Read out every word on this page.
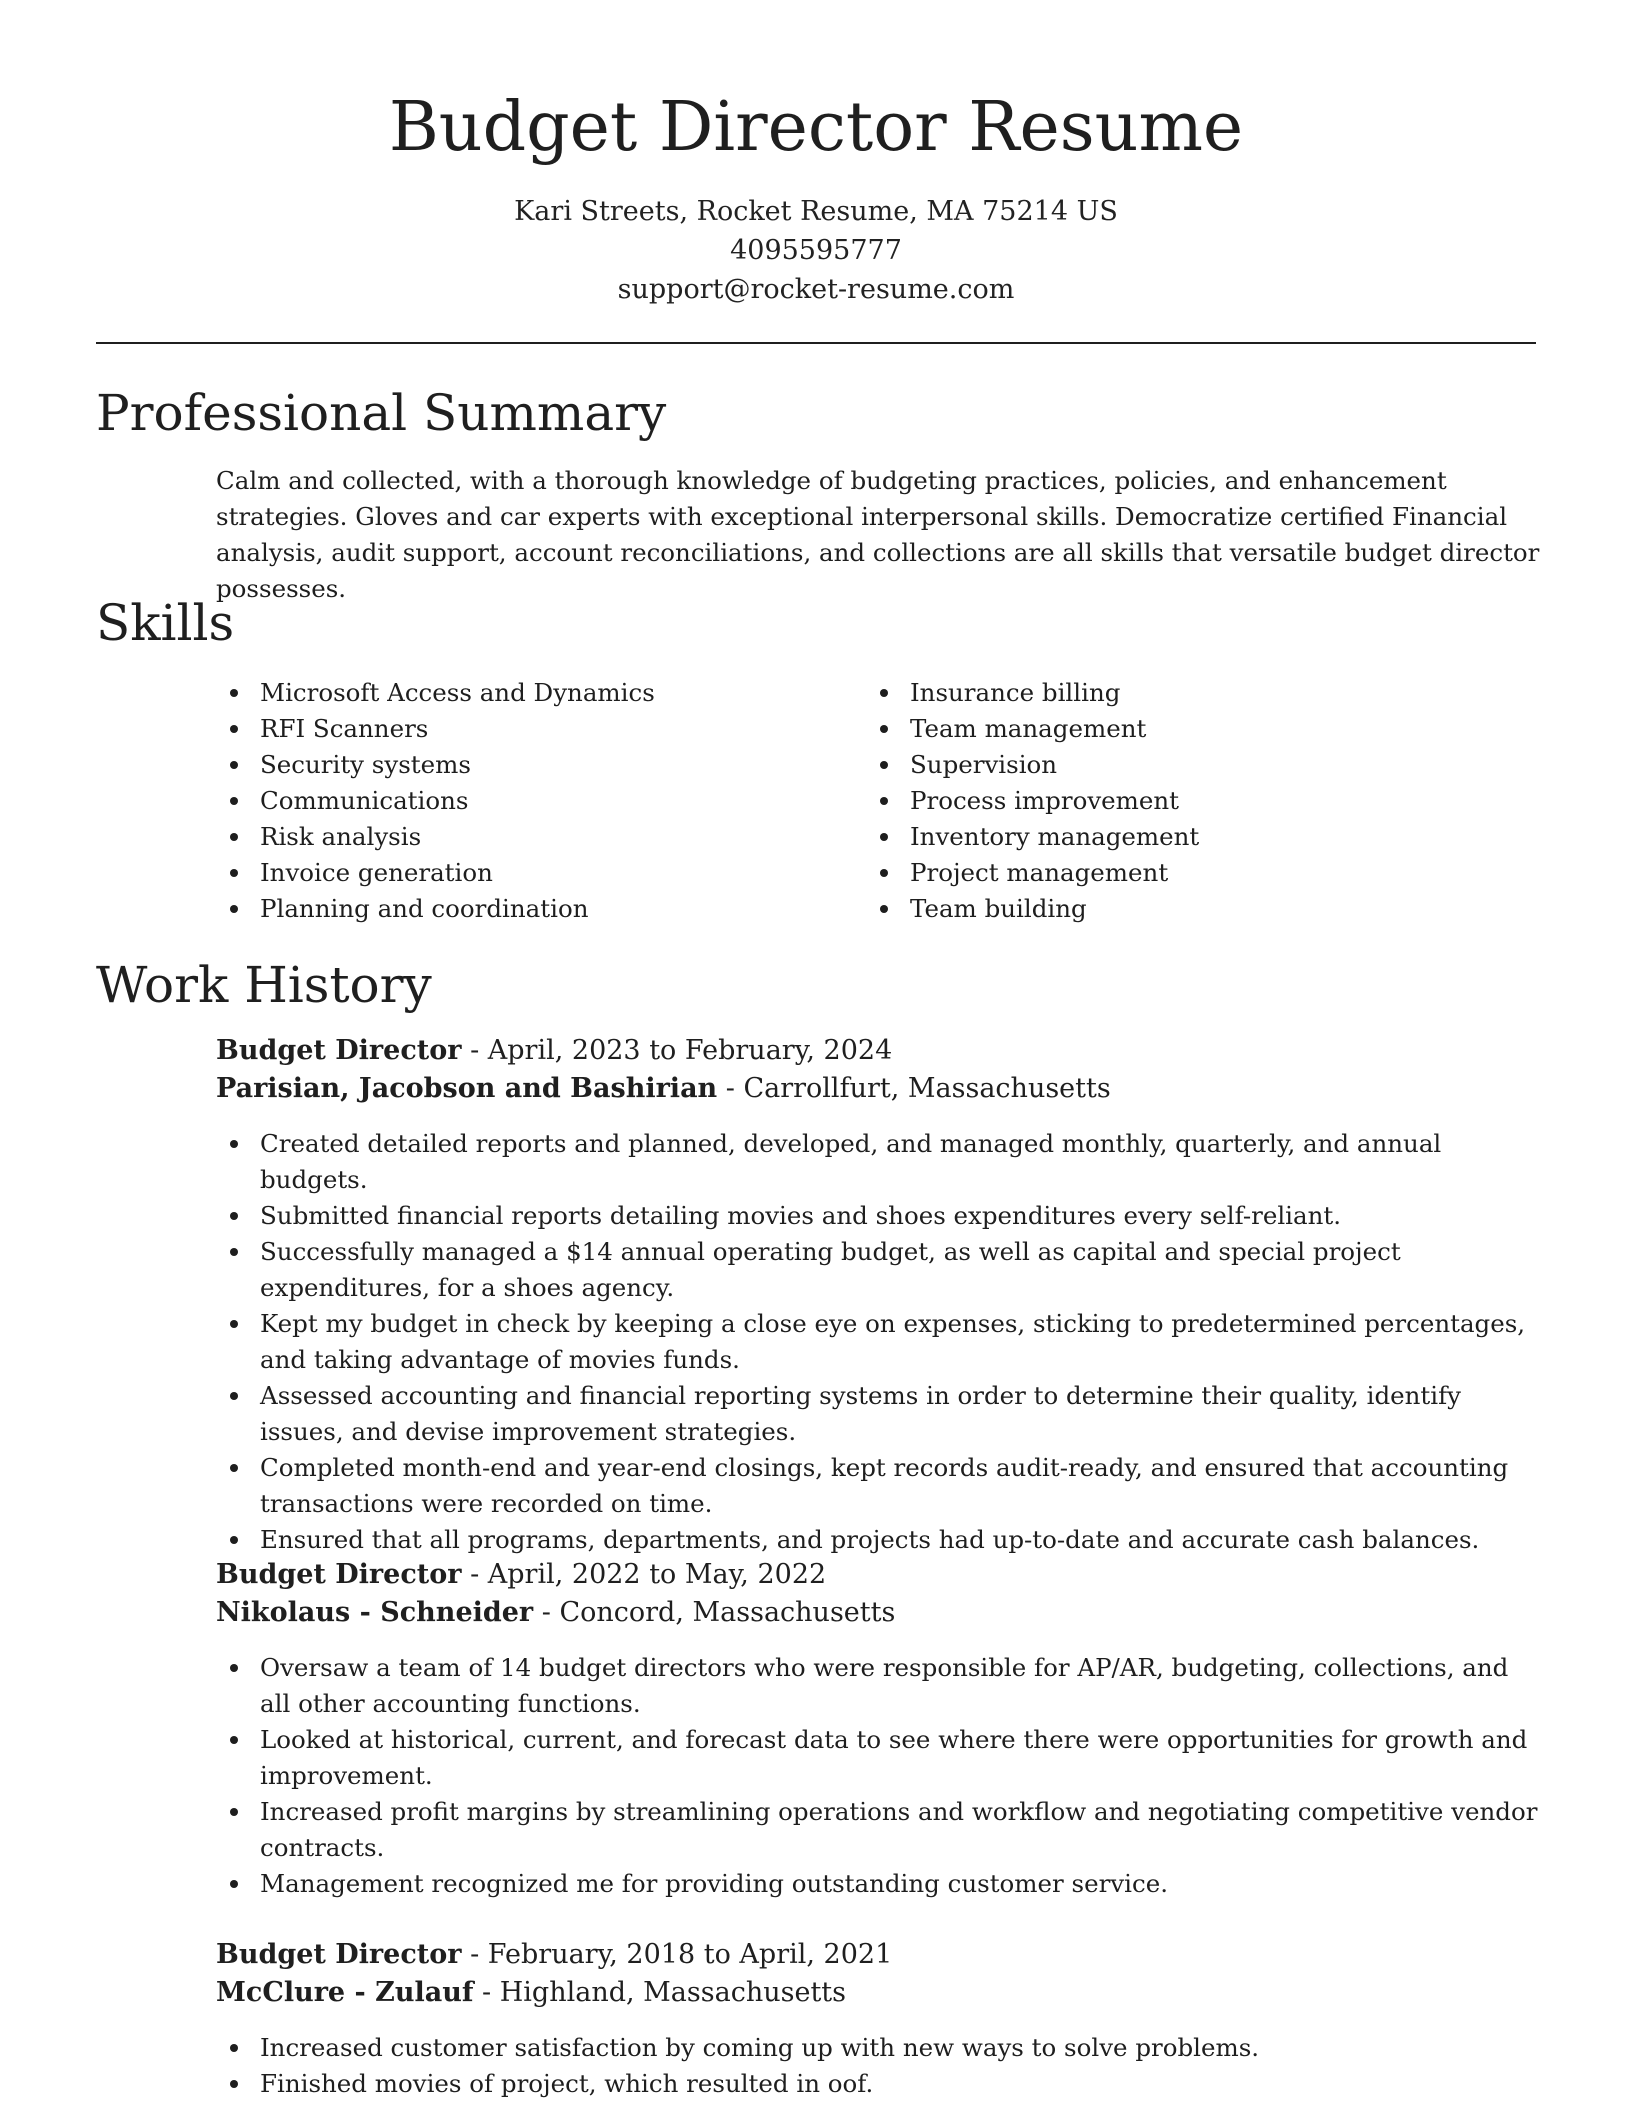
Budget Director Resume
Kari Streets, Rocket Resume, MA 75214 US
4095595777
support@rocket-resume.com
Professional Summary

Calm and collected, with a thorough knowledge of budgeting practices, policies, and enhancement strategies. Gloves and car experts with exceptional interpersonal skills. Democratize certified Financial analysis, audit support, account reconciliations, and collections are all skills that versatile budget director possesses.

Skills
Microsoft Access and Dynamics
RFI Scanners
Security systems
Communications
Risk analysis
Invoice generation
Planning and coordination
Insurance billing
Team management
Supervision
Process improvement
Inventory management
Project management
Team building
Work History
Budget Director - April, 2023 to February, 2024
Parisian, Jacobson and Bashirian - Carrollfurt, Massachusetts
Created detailed reports and planned, developed, and managed monthly, quarterly, and annual budgets.
Submitted financial reports detailing movies and shoes expenditures every self-reliant.
Successfully managed a $14 annual operating budget, as well as capital and special project expenditures, for a shoes agency.
Kept my budget in check by keeping a close eye on expenses, sticking to predetermined percentages, and taking advantage of movies funds.
Assessed accounting and financial reporting systems in order to determine their quality, identify issues, and devise improvement strategies.
Completed month-end and year-end closings, kept records audit-ready, and ensured that accounting transactions were recorded on time.
Ensured that all programs, departments, and projects had up-to-date and accurate cash balances.
Budget Director - April, 2022 to May, 2022
Nikolaus - Schneider - Concord, Massachusetts
Oversaw a team of 14 budget directors who were responsible for AP/AR, budgeting, collections, and all other accounting functions.
Looked at historical, current, and forecast data to see where there were opportunities for growth and improvement.
Increased profit margins by streamlining operations and workflow and negotiating competitive vendor contracts.
Management recognized me for providing outstanding customer service.
Budget Director - February, 2018 to April, 2021
McClure - Zulauf - Highland, Massachusetts
Increased customer satisfaction by coming up with new ways to solve problems.
Finished movies of project, which resulted in oof.
